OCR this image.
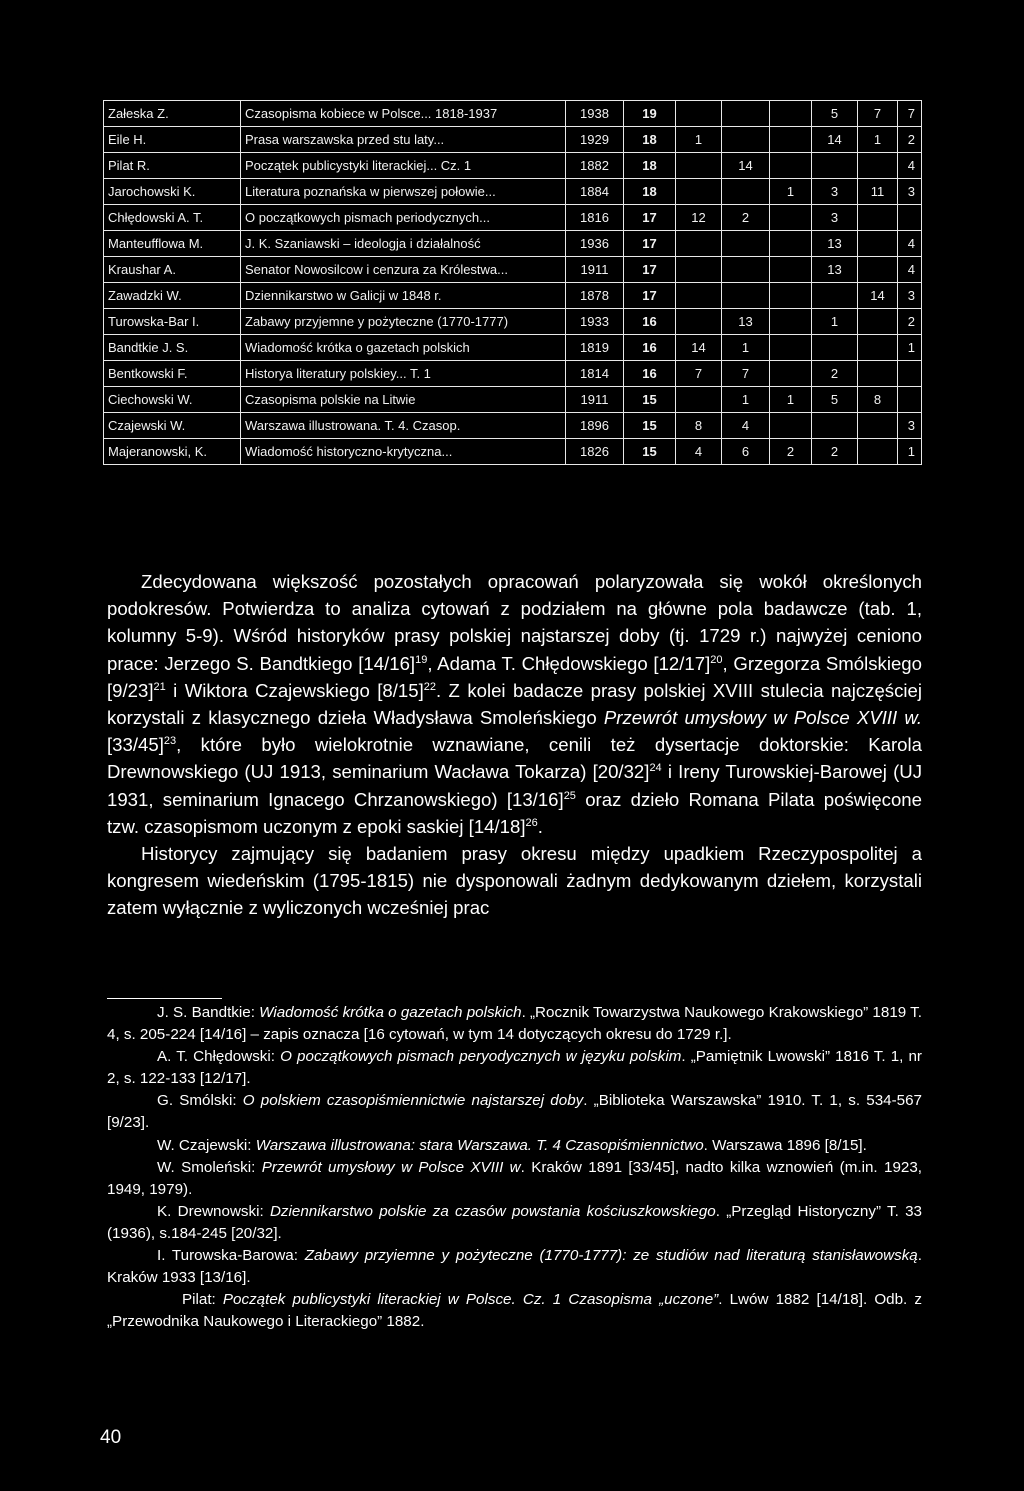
Załeska Z.	Czasopisma kobiece w Polsce... 1818-1937	1938	19				5	7	7
Eile H.	Prasa warszawska przed stu laty...	1929	18	1			14	1	2
Pilat R.	Początek publicystyki literackiej... Cz. 1	1882	18		14				4
Jarochowski K.	Literatura poznańska w pierwszej połowie...	1884	18			1	3	11	3
Chłędowski A. T.	O początkowych pismach periodycznych...	1816	17	12	2		3		
Manteufflowa M.	J. K. Szaniawski – ideologja i działalność	1936	17				13		4
Kraushar A.	Senator Nowosilcow i cenzura za Królestwa...	1911	17				13		4
Zawadzki W.	Dziennikarstwo w Galicji w 1848 r.	1878	17					14	3
Turowska-Bar I.	Zabawy przyjemne y pożyteczne (1770-1777)	1933	16		13		1		2
Bandtkie J. S.	Wiadomość krótka o gazetach polskich	1819	16	14	1				1
Bentkowski F.	Historya literatury polskiey... T. 1	1814	16	7	7		2		
Ciechowski W.	Czasopisma polskie na Litwie	1911	15		1	1	5	8	
Czajewski W.	Warszawa illustrowana. T. 4. Czasop.	1896	15	8	4				3
Majeranowski, K.	Wiadomość historyczno-krytyczna...	1826	15	4	6	2	2		1

Zdecydowana większość pozostałych opracowań polaryzowała się wokół określonych podokresów. Potwierdza to analiza cytowań z podziałem na główne pola badawcze (tab. 1, kolumny 5-9). Wśród historyków prasy polskiej najstarszej doby (tj. 1729 r.) najwyżej ceniono prace: Jerzego S. Bandtkiego $[14/16]^{19}$, Adama T. Chłędowskiego $[12/17]^{20}$, Grzegorza Smólskiego $[9/23]^{21}$ i Wiktora Czajewskiego $[8/15]^{22}$. Z kolei badacze prasy polskiej XVIII stulecia najczęściej korzystali z klasycznego dzieła Władysława Smoleńskiego Przewrót umysłowy w Polsce XVIII w. $[33/45]^{23}$, które było wielokrotnie wznawiane, cenili też dysertacje doktorskie: Karola Drewnowskiego (UJ 1913, seminarium Wacława Tokarza) $[20/32]^{24}$ i Ireny Turowskiej-Barowej (UJ 1931, seminarium Ignacego Chrzanowskiego) $[13/16]^{25}$ oraz dzieło Romana Pilata poświęcone tzw. czasopismom uczonym z epoki saskiej $[14/18]^{26}$.

Historycy zajmujący się badaniem prasy okresu między upadkiem Rzeczypospolitej a kongresem wiedeńskim (1795-1815) nie dysponowali żadnym dedykowanym dziełem, korzystali zatem wyłącznie z wyliczonych wcześniej prac

J. S. Bandtkie: Wiadomość krótka o gazetach polskich. „Rocznik Towarzystwa Naukowego Krakowskiego” 1819 T. 4, s. 205-224 [14/16] – zapis oznacza [16 cytowań, w tym 14 dotyczących okresu do 1729 r.].

A. T. Chłędowski: O początkowych pismach peryodycznych w języku polskim. „Pamiętnik Lwowski” 1816 T. 1, nr 2, s. 122-133 [12/17].

G. Smólski: O polskiem czasopiśmiennictwie najstarszej doby. „Biblioteka Warszawska” 1910. T. 1, s. 534-567 [9/23].

W. Czajewski: Warszawa illustrowana: stara Warszawa. T. 4 Czasopiśmiennictwo. Warszawa 1896 [8/15].

W. Smoleński: Przewrót umysłowy w Polsce XVIII w. Kraków 1891 [33/45], nadto kilka wznowień (m.in. 1923, 1949, 1979).

K. Drewnowski: Dziennikarstwo polskie za czasów powstania kościuszkowskiego. „Przegląd Historyczny” T. 33 (1936), s.184-245 [20/32].

I. Turowska-Barowa: Zabawy przyiemne y pożyteczne (1770-1777): ze studiów nad literaturą stanisławowską. Kraków 1933 [13/16].

Pilat: Początek publicystyki literackiej w Polsce. Cz. 1 Czasopisma „uczone”. Lwów 1882 [14/18]. Odb. z „Przewodnika Naukowego i Literackiego” 1882.

40
